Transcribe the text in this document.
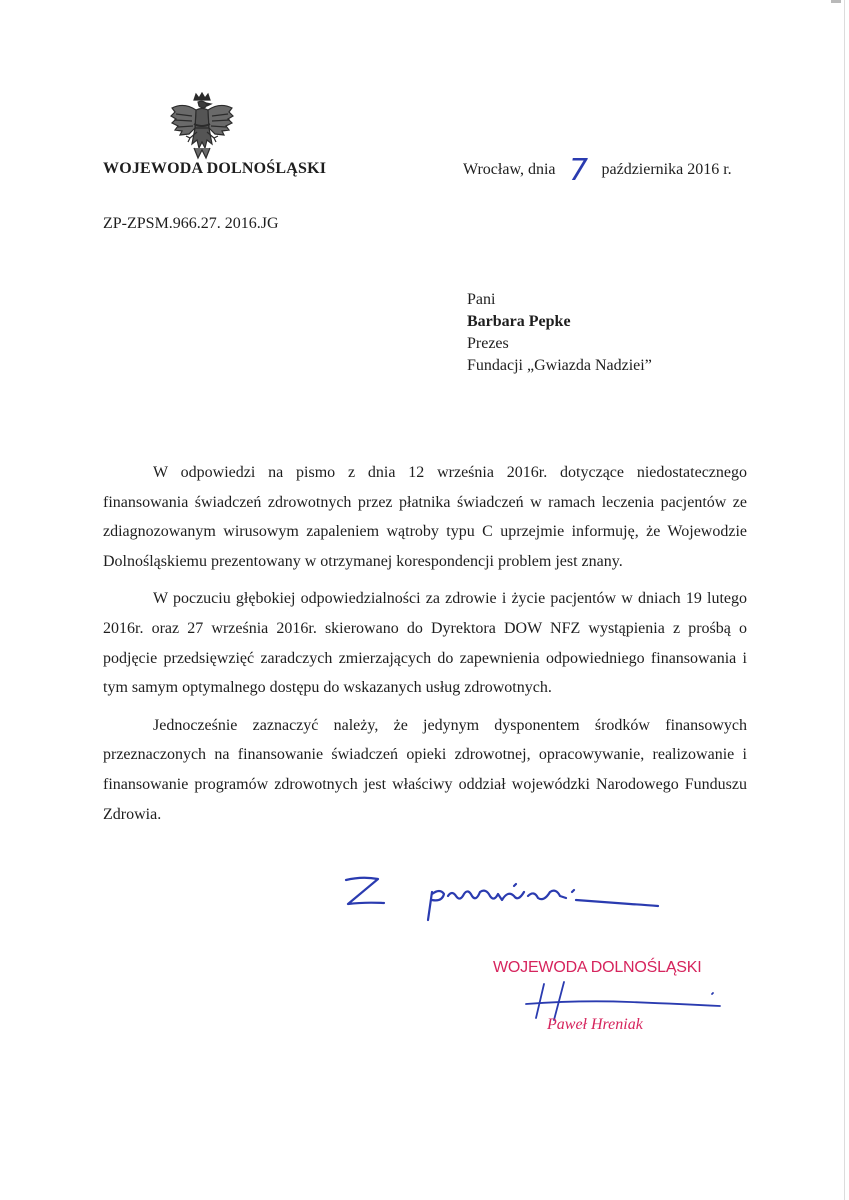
WOJEWODA DOLNOŚLĄSKI	Wrocław, dnia 7 października 2016 r.
ZP-ZPSM.966.27. 2016.JG
Pani
Barbara Pepke
Prezes
Fundacji „Gwiazda Nadziei”

W odpowiedzi na pismo z dnia 12 września 2016r. dotyczące niedostatecznego finansowania świadczeń zdrowotnych przez płatnika świadczeń w ramach leczenia pacjentów ze zdiagnozowanym wirusowym zapaleniem wątroby typu C uprzejmie informuję, że Wojewodzie Dolnośląskiemu prezentowany w otrzymanej korespondencji problem jest znany.

W poczuciu głębokiej odpowiedzialności za zdrowie i życie pacjentów w dniach 19 lutego 2016r. oraz 27 września 2016r. skierowano do Dyrektora DOW NFZ wystąpienia z prośbą o podjęcie przedsięwzięć zaradczych zmierzających do zapewnienia odpowiedniego finansowania i tym samym optymalnego dostępu do wskazanych usług zdrowotnych.

Jednocześnie zaznaczyć należy, że jedynym dysponentem środków finansowych przeznaczonych na finansowanie świadczeń opieki zdrowotnej, opracowywanie, realizowanie i finansowanie programów zdrowotnych jest właściwy oddział wojewódzki Narodowego Funduszu Zdrowia.

WOJEWODA DOLNOŚLĄSKI
Paweł Hreniak
